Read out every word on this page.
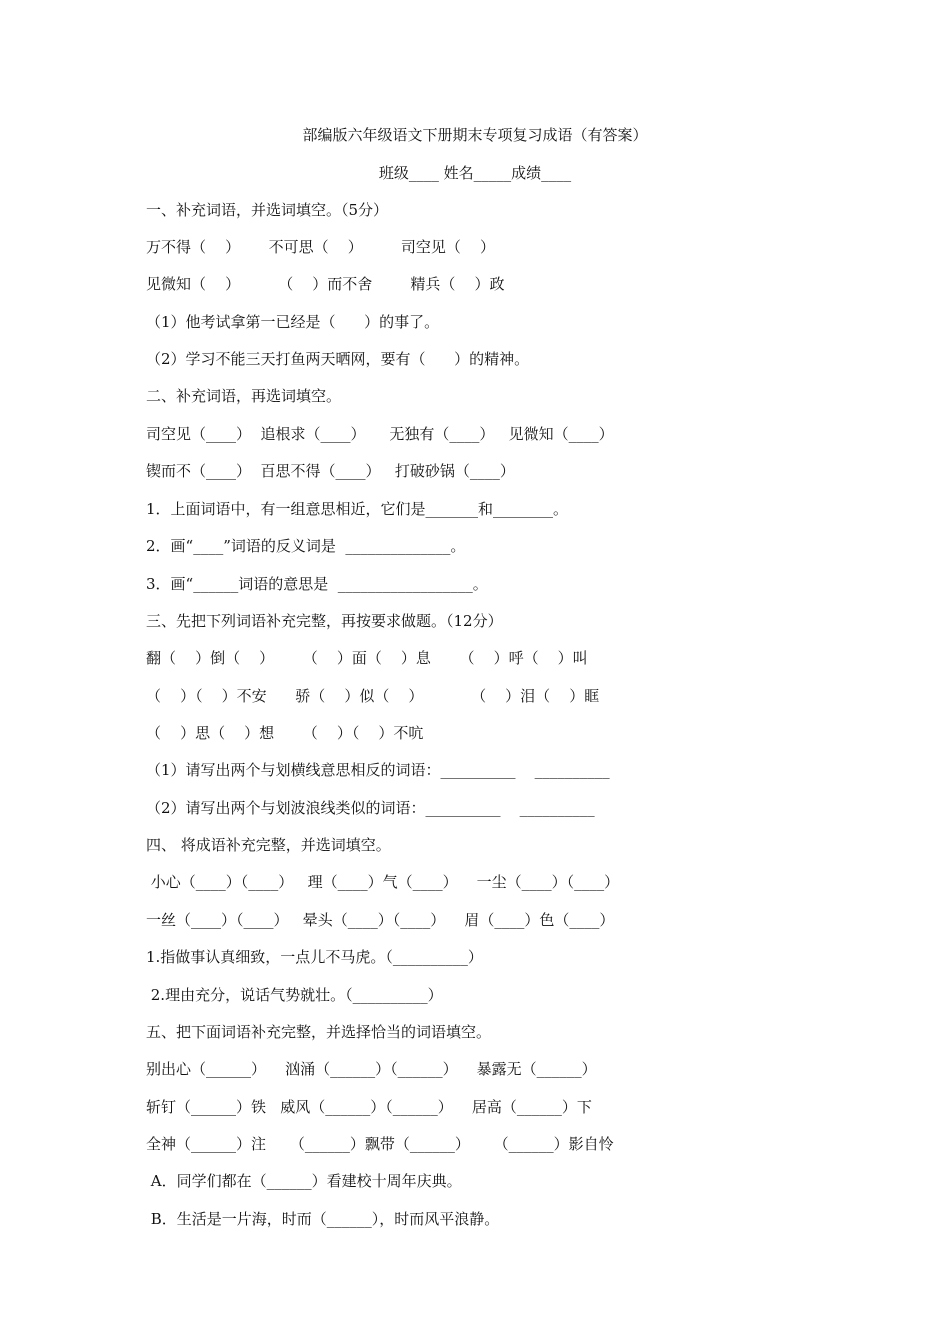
部编版六年级语文下册期末专项复习成语（有答案）
班级____ 姓名_____成绩____
一、补充词语，并选词填空。（5分）
万不得（    ）      不可思（    ）        司空见（    ）
见微知（    ）        （    ）而不舍        精兵（    ）政
（1）他考试拿第一已经是（      ）的事了。
（2）学习不能三天打鱼两天晒网，要有（      ）的精神。
二、补充词语，再选词填空。
司空见（____）  追根求（____）     无独有（____）   见微知（____）
锲而不（____）  百思不得（____）   打破砂锅（____）
1．上面词语中，有一组意思相近，它们是_______和________。
2．画“____”词语的反义词是  ______________。
3．画“______词语的意思是  __________________。
三、先把下列词语补充完整，再按要求做题。（12分）
翻（    ）倒（    ）      （    ）面（    ）息      （    ）呼（    ）叫
（    ）（    ）不安      骄（    ）似（    ）          （    ）泪（    ）眶
（    ）思（    ）想      （    ）（    ）不吭
（1）请写出两个与划横线意思相反的词语：__________    __________
（2）请写出两个与划波浪线类似的词语：__________    __________
四、 将成语补充完整，并选词填空。
小心（____）（____）   理（____）气（____）    一尘（____）（____）
一丝（____）（____）   晕头（____）（____）    眉（____）色（____）
1.指做事认真细致，一点儿不马虎。（__________）
2.理由充分，说话气势就壮。（__________）
五、把下面词语补充完整，并选择恰当的词语填空。
别出心（______）    汹涌（______）（______）    暴露无（______）
斩钉（______）铁   威风（______）（______）    居高（______）下
全神（______）注     （______）飘带（______）     （______）影自怜
A．同学们都在（______）看建校十周年庆典。
B．生活是一片海，时而（______），时而风平浪静。
